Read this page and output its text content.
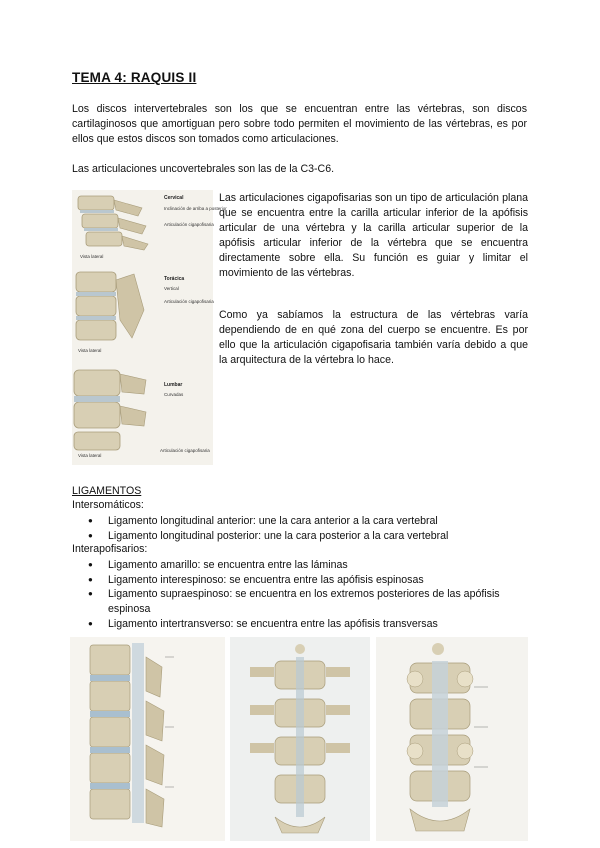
TEMA 4: RAQUIS II

Los discos intervertebrales son los que se encuentran entre las vértebras, son discos cartilaginosos que amortiguan pero sobre todo permiten el movimiento de las vértebras, es por ellos que estos discos son tomados como articulaciones.

Las articulaciones uncovertebrales son las de la C3-C6.

Cervical
Inclinación de arriba a posterior
Articulación cigapofisaria
Vista lateral
Torácica
Vertical
Articulación cigapofisaria
Vista lateral
Lumbar
Curvadas
Vista lateral
Articulación cigapofisaria

Las articulaciones cigapofisarias son un tipo de articulación plana que se encuentra entre la carilla articular inferior de la apófisis articular de una vértebra y la carilla articular superior de la apófisis articular inferior de la vértebra que se encuentra directamente sobre ella. Su función es guiar y limitar el movimiento de las vértebras.

Como ya sabíamos la estructura de las vértebras varía dependiendo de en qué zona del cuerpo se encuentre. Es por ello que la articulación cigapofisaria también varía debido a que la arquitectura de la vértebra lo hace.

LIGAMENTOS
Intersomáticos:
● Ligamento longitudinal anterior: une la cara anterior a la cara vertebral
● Ligamento longitudinal posterior: une la cara posterior a la cara vertebral
Interapofisarios:
● Ligamento amarillo: se encuentra entre las láminas
● Ligamento interespinoso: se encuentra entre las apófisis espinosas
● Ligamento supraespinoso: se encuentra en los extremos posteriores de las apófisis espinosa
● Ligamento intertransverso: se encuentra entre las apófisis transversas
